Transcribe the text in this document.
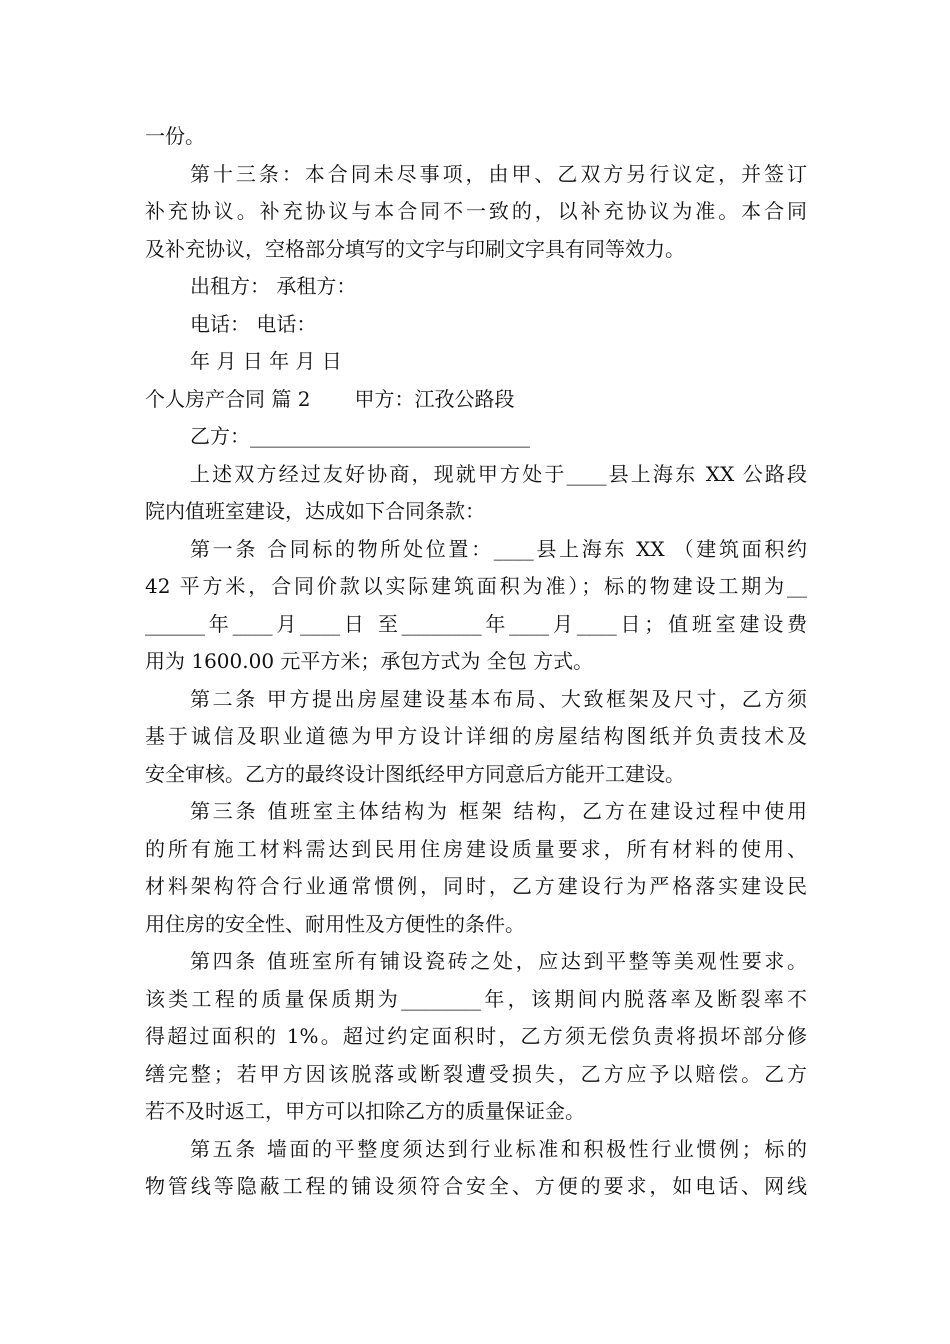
一份。
第十三条：本合同未尽事项，由甲、乙双方另行议定，并签订
补充协议。补充协议与本合同不一致的，以补充协议为准。本合同
及补充协议，空格部分填写的文字与印刷文字具有同等效力。
出租方： 承租方：
电话： 电话：
年 月 日 年 月 日
个人房产合同 篇 2 甲方：江孜公路段
乙方：____________________________
上述双方经过友好协商，现就甲方处于____县上海东 XX 公路段
院内值班室建设，达成如下合同条款：
第一条 合同标的物所处位置：____县上海东 XX （建筑面积约
42 平方米，合同价款以实际建筑面积为准）；标的物建设工期为__
______年____月____日 至________年____月____日；值班室建设费
用为 1600.00 元平方米；承包方式为 全包 方式。
第二条 甲方提出房屋建设基本布局、大致框架及尺寸，乙方须
基于诚信及职业道德为甲方设计详细的房屋结构图纸并负责技术及
安全审核。乙方的最终设计图纸经甲方同意后方能开工建设。
第三条 值班室主体结构为 框架 结构，乙方在建设过程中使用
的所有施工材料需达到民用住房建设质量要求，所有材料的使用、
材料架构符合行业通常惯例，同时，乙方建设行为严格落实建设民
用住房的安全性、耐用性及方便性的条件。
第四条 值班室所有铺设瓷砖之处，应达到平整等美观性要求。
该类工程的质量保质期为________年，该期间内脱落率及断裂率不
得超过面积的 1%。超过约定面积时，乙方须无偿负责将损坏部分修
缮完整；若甲方因该脱落或断裂遭受损失，乙方应予以赔偿。乙方
若不及时返工，甲方可以扣除乙方的质量保证金。
第五条 墙面的平整度须达到行业标准和积极性行业惯例；标的
物管线等隐蔽工程的铺设须符合安全、方便的要求，如电话、网线
